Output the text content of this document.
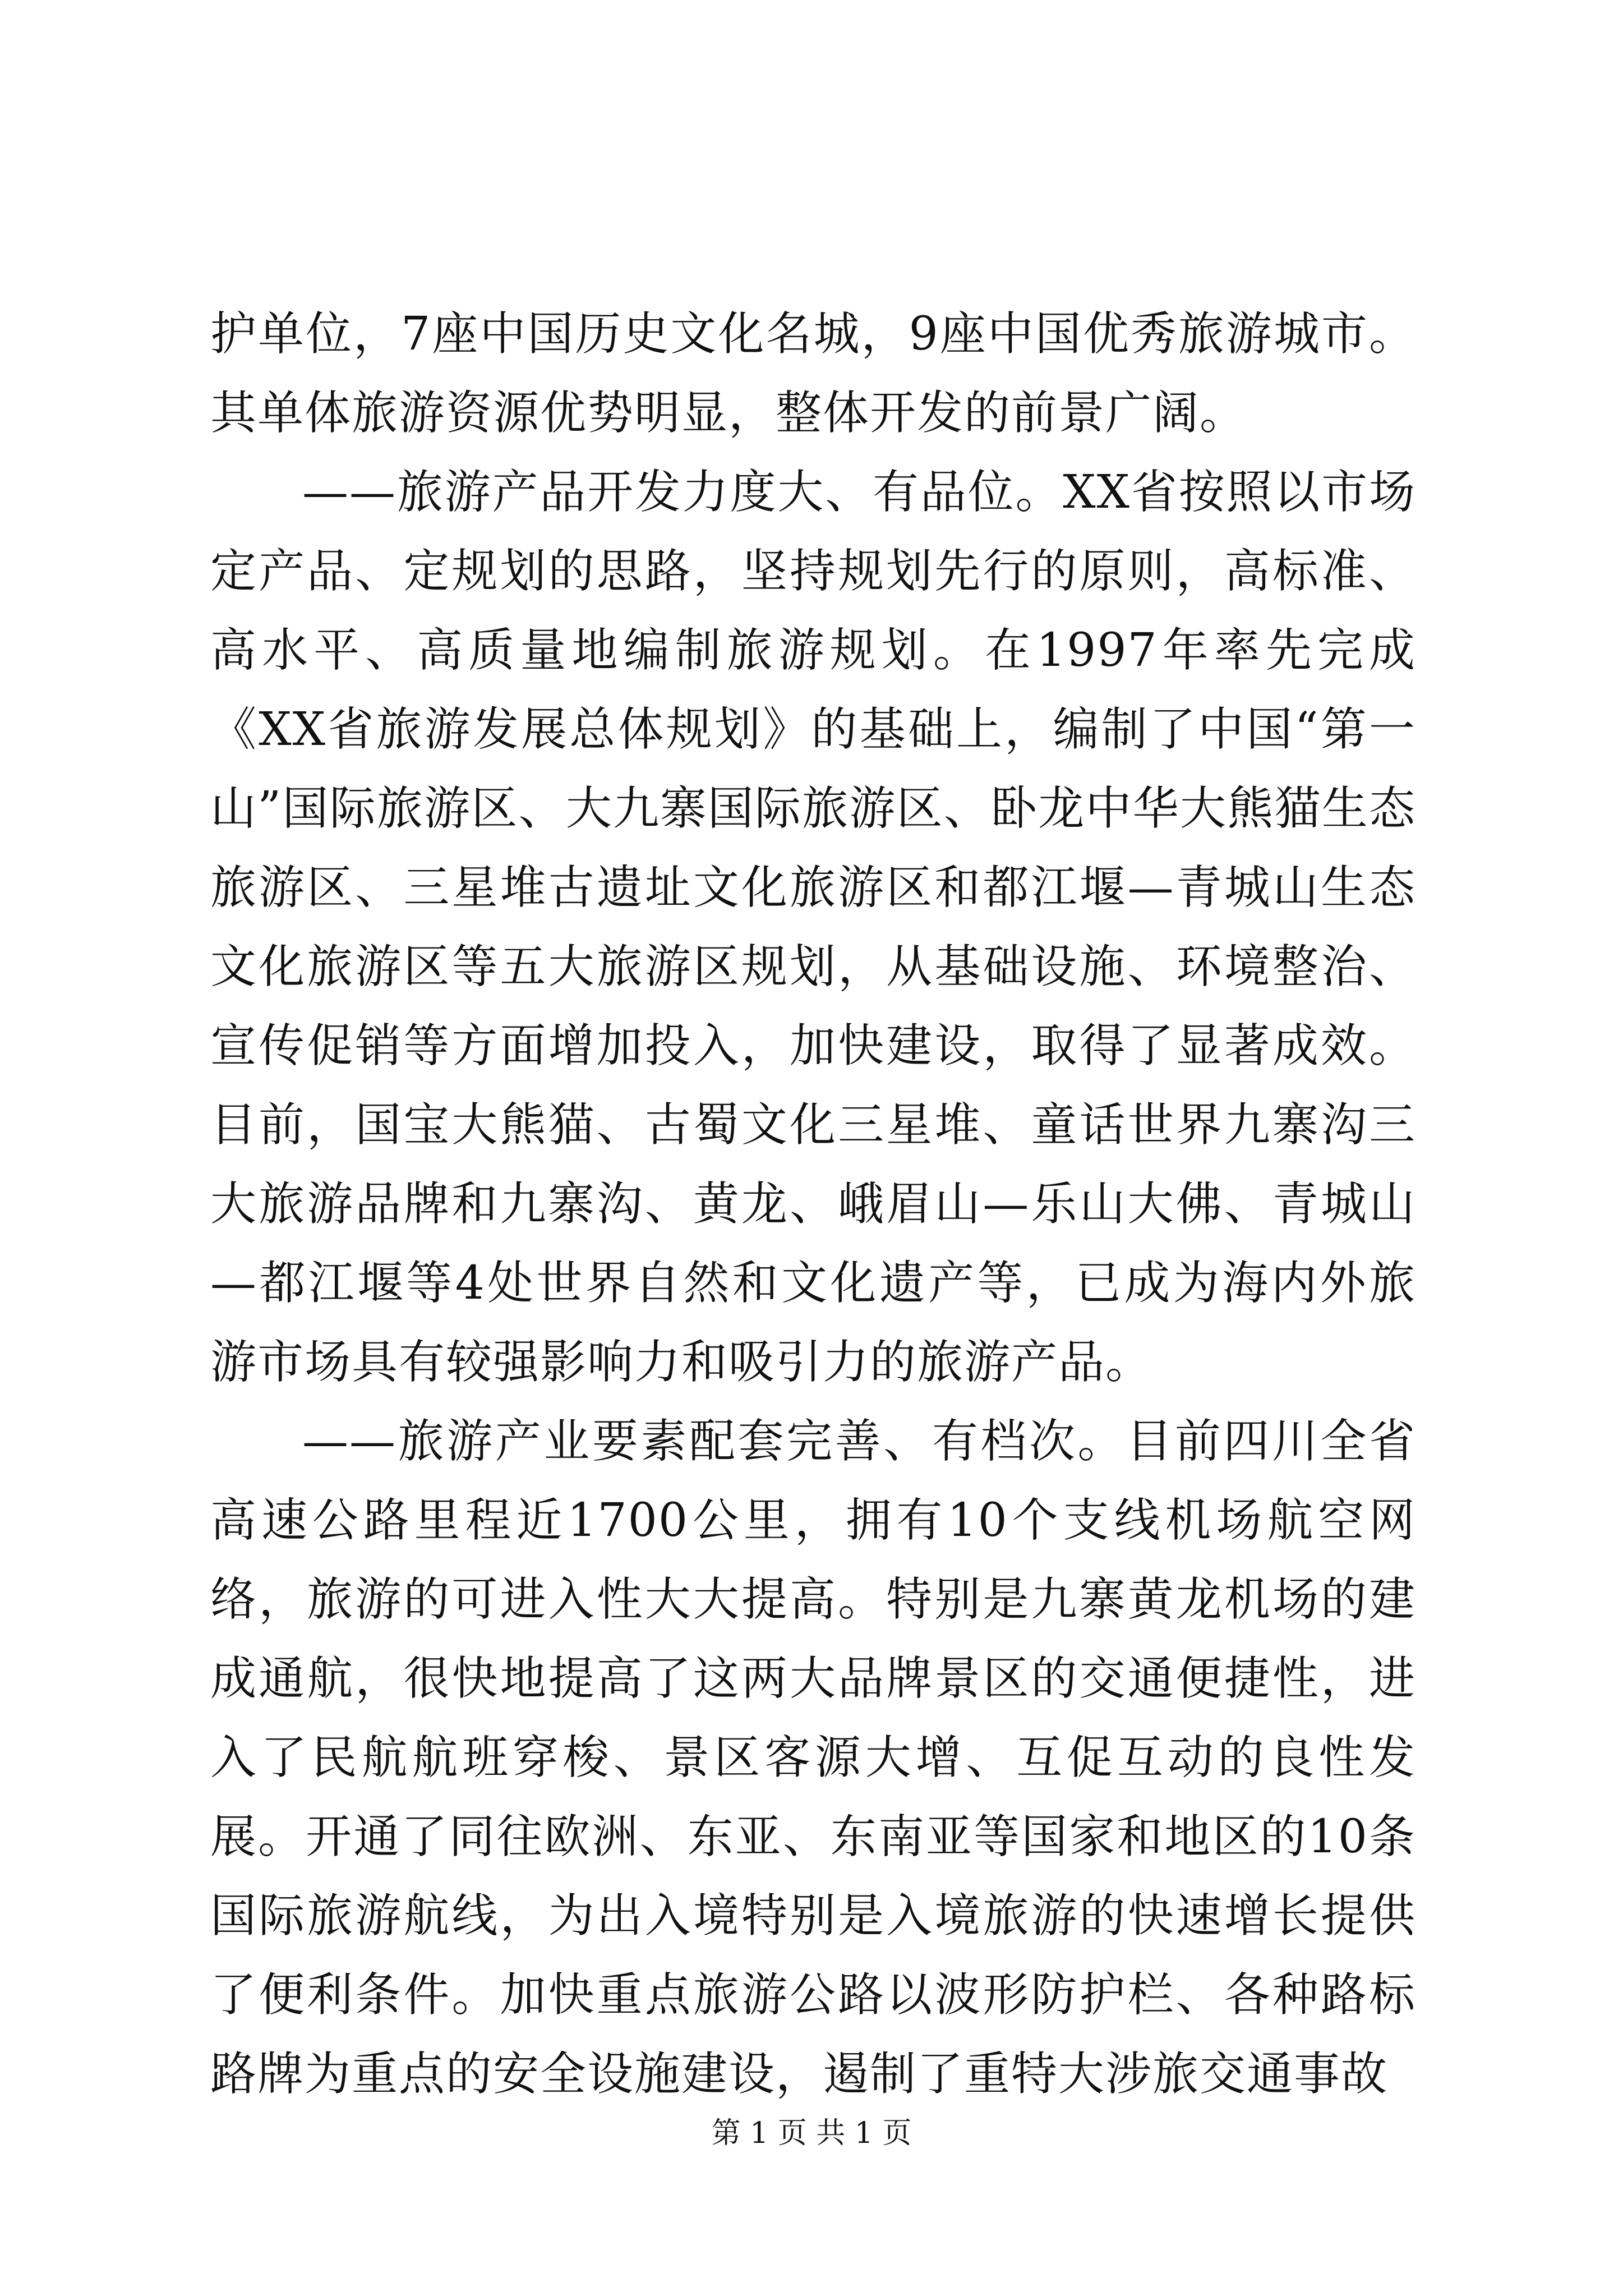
护单位，7座中国历史文化名城，9座中国优秀旅游城市。其单体旅游资源优势明显，整体开发的前景广阔。

——旅游产品开发力度大、有品位。XX省按照以市场定产品、定规划的思路，坚持规划先行的原则，高标准、高水平、高质量地编制旅游规划。在1997年率先完成《XX省旅游发展总体规划》的基础上，编制了中国“第一山”国际旅游区、大九寨国际旅游区、卧龙中华大熊猫生态旅游区、三星堆古遗址文化旅游区和都江堰—青城山生态文化旅游区等五大旅游区规划，从基础设施、环境整治、宣传促销等方面增加投入，加快建设，取得了显著成效。目前，国宝大熊猫、古蜀文化三星堆、童话世界九寨沟三大旅游品牌和九寨沟、黄龙、峨眉山—乐山大佛、青城山—都江堰等4处世界自然和文化遗产等，已成为海内外旅游市场具有较强影响力和吸引力的旅游产品。

——旅游产业要素配套完善、有档次。目前四川全省高速公路里程近1700公里，拥有10个支线机场航空网络，旅游的可进入性大大提高。特别是九寨黄龙机场的建成通航，很快地提高了这两大品牌景区的交通便捷性，进入了民航航班穿梭、景区客源大增、互促互动的良性发展。开通了同往欧洲、东亚、东南亚等国家和地区的10条国际旅游航线，为出入境特别是入境旅游的快速增长提供了便利条件。加快重点旅游公路以波形防护栏、各种路标路牌为重点的安全设施建设，遏制了重特大涉旅交通事故

第 1 页 共 1 页
